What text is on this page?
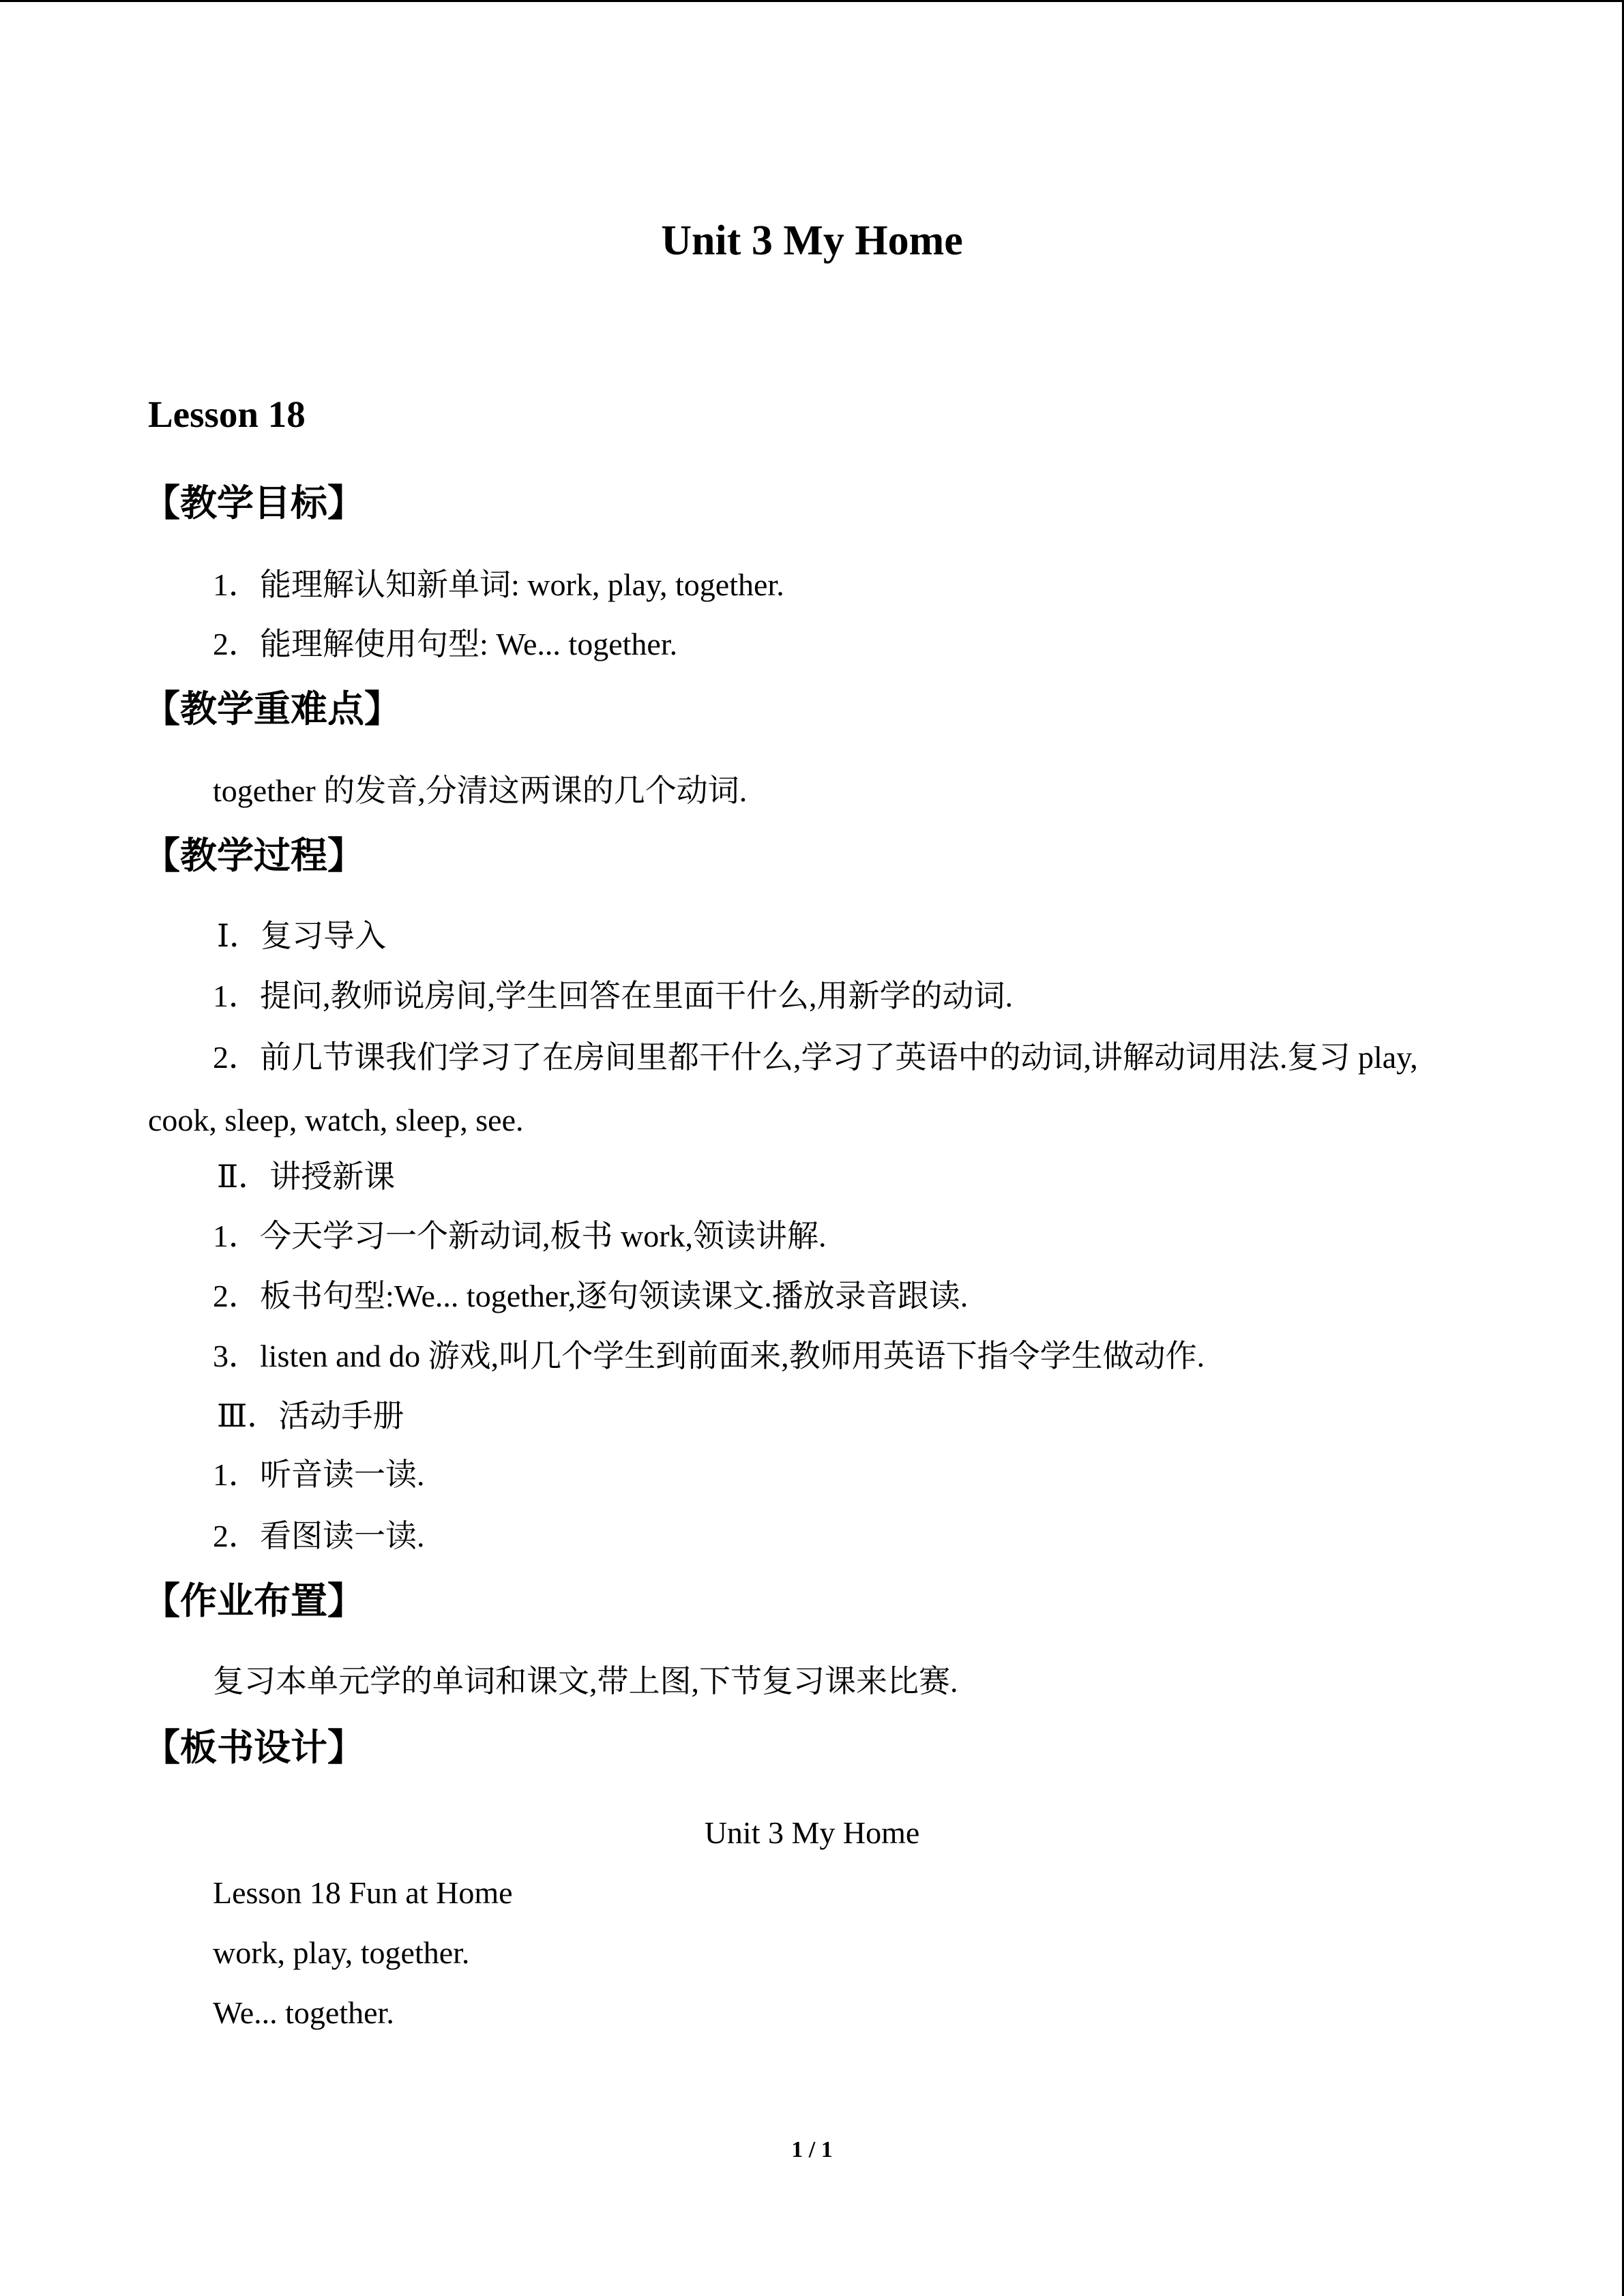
Unit 3 My Home
Lesson 18
【教学目标】
1．能理解认知新单词: work, play, together.
2．能理解使用句型: We... together.
【教学重难点】
together 的发音,分清这两课的几个动词.
【教学过程】
Ⅰ．复习导入
1．提问,教师说房间,学生回答在里面干什么,用新学的动词.
2．前几节课我们学习了在房间里都干什么,学习了英语中的动词,讲解动词用法.复习 play,
cook, sleep, watch, sleep, see.
Ⅱ．讲授新课
1．今天学习一个新动词,板书 work,领读讲解.
2．板书句型:We... together,逐句领读课文.播放录音跟读.
3．listen and do 游戏,叫几个学生到前面来,教师用英语下指令学生做动作.
Ⅲ．活动手册
1．听音读一读.
2．看图读一读.
【作业布置】
复习本单元学的单词和课文,带上图,下节复习课来比赛.
【板书设计】
Unit 3 My Home
Lesson 18 Fun at Home
work, play, together.
We... together.
1 / 1
